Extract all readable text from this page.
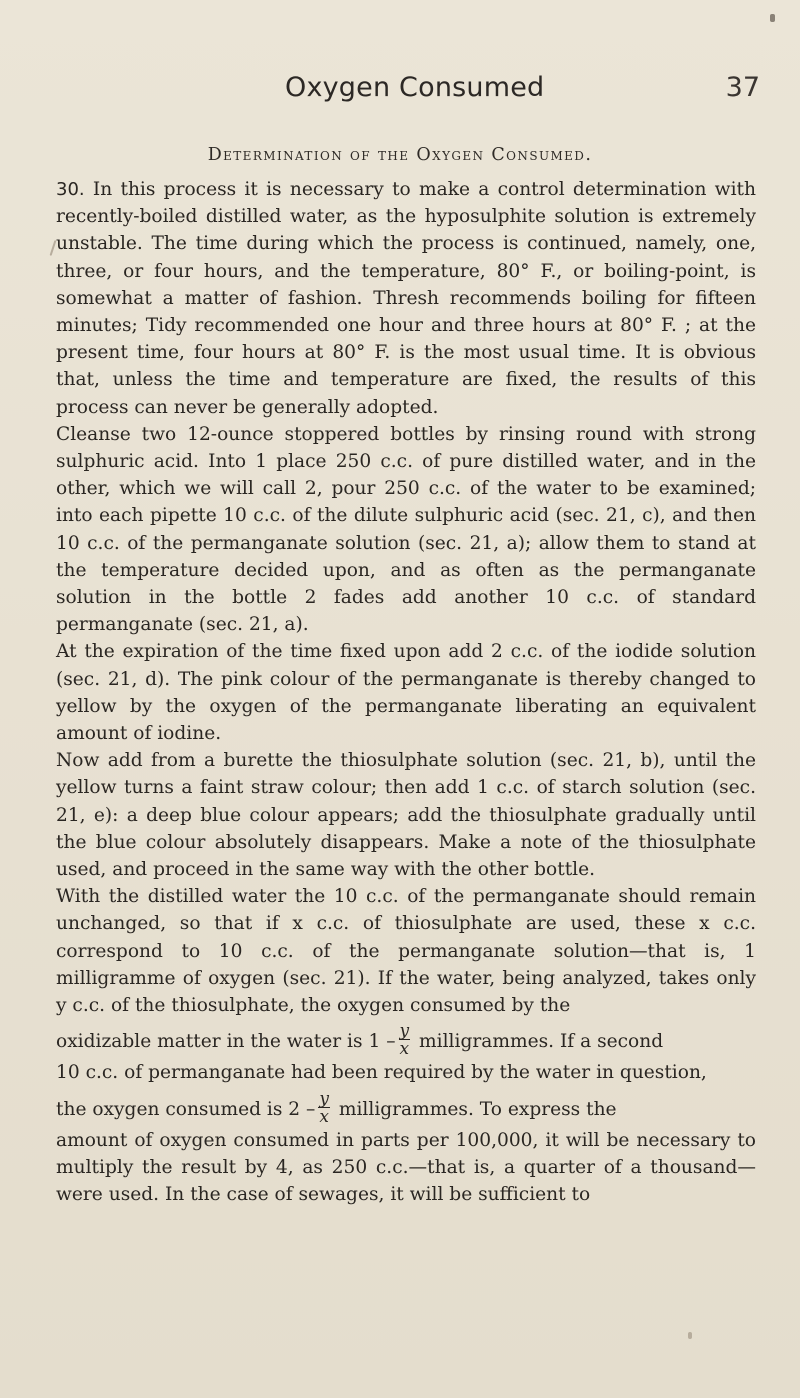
Oxygen Consumed	37
Determination of the Oxygen Consumed.

30. In this process it is necessary to make a control determination with recently-boiled distilled water, as the hyposulphite solution is extremely unstable. The time during which the process is continued, namely, one, three, or four hours, and the temperature, 80° F., or boiling-point, is somewhat a matter of fashion. Thresh recommends boiling for fifteen minutes; Tidy recommended one hour and three hours at 80° F. ; at the present time, four hours at 80° F. is the most usual time. It is obvious that, unless the time and temperature are fixed, the results of this process can never be generally adopted.

Cleanse two 12-ounce stoppered bottles by rinsing round with strong sulphuric acid. Into 1 place 250 c.c. of pure distilled water, and in the other, which we will call 2, pour 250 c.c. of the water to be examined; into each pipette 10 c.c. of the dilute sulphuric acid (sec. 21, c), and then 10 c.c. of the permanganate solution (sec. 21, a); allow them to stand at the temperature decided upon, and as often as the permanganate solution in the bottle 2 fades add another 10 c.c. of standard permanganate (sec. 21, a).

At the expiration of the time fixed upon add 2 c.c. of the iodide solution (sec. 21, d). The pink colour of the permanganate is thereby changed to yellow by the oxygen of the permanganate liberating an equivalent amount of iodine.

Now add from a burette the thiosulphate solution (sec. 21, b), until the yellow turns a faint straw colour; then add 1 c.c. of starch solution (sec. 21, e): a deep blue colour appears; add the thiosulphate gradually until the blue colour absolutely disappears. Make a note of the thiosulphate used, and proceed in the same way with the other bottle.

With the distilled water the 10 c.c. of the permanganate should remain unchanged, so that if x c.c. of thiosulphate are used, these x c.c. correspond to 10 c.c. of the permanganate solution—that is, 1 milligramme of oxygen (sec. 21). If the water, being analyzed, takes only y c.c. of the thiosulphate, the oxygen consumed by the
oxidizable matter in the water is $1 - \frac{y}{x}$ milligrammes. If a second
10 c.c. of permanganate had been required by the water in question,
the oxygen consumed is $2 - \frac{y}{x}$ milligrammes. To express the
amount of oxygen consumed in parts per 100,000, it will be necessary to multiply the result by 4, as 250 c.c.—that is, a quarter of a thousand—were used. In the case of sewages, it will be sufficient to
